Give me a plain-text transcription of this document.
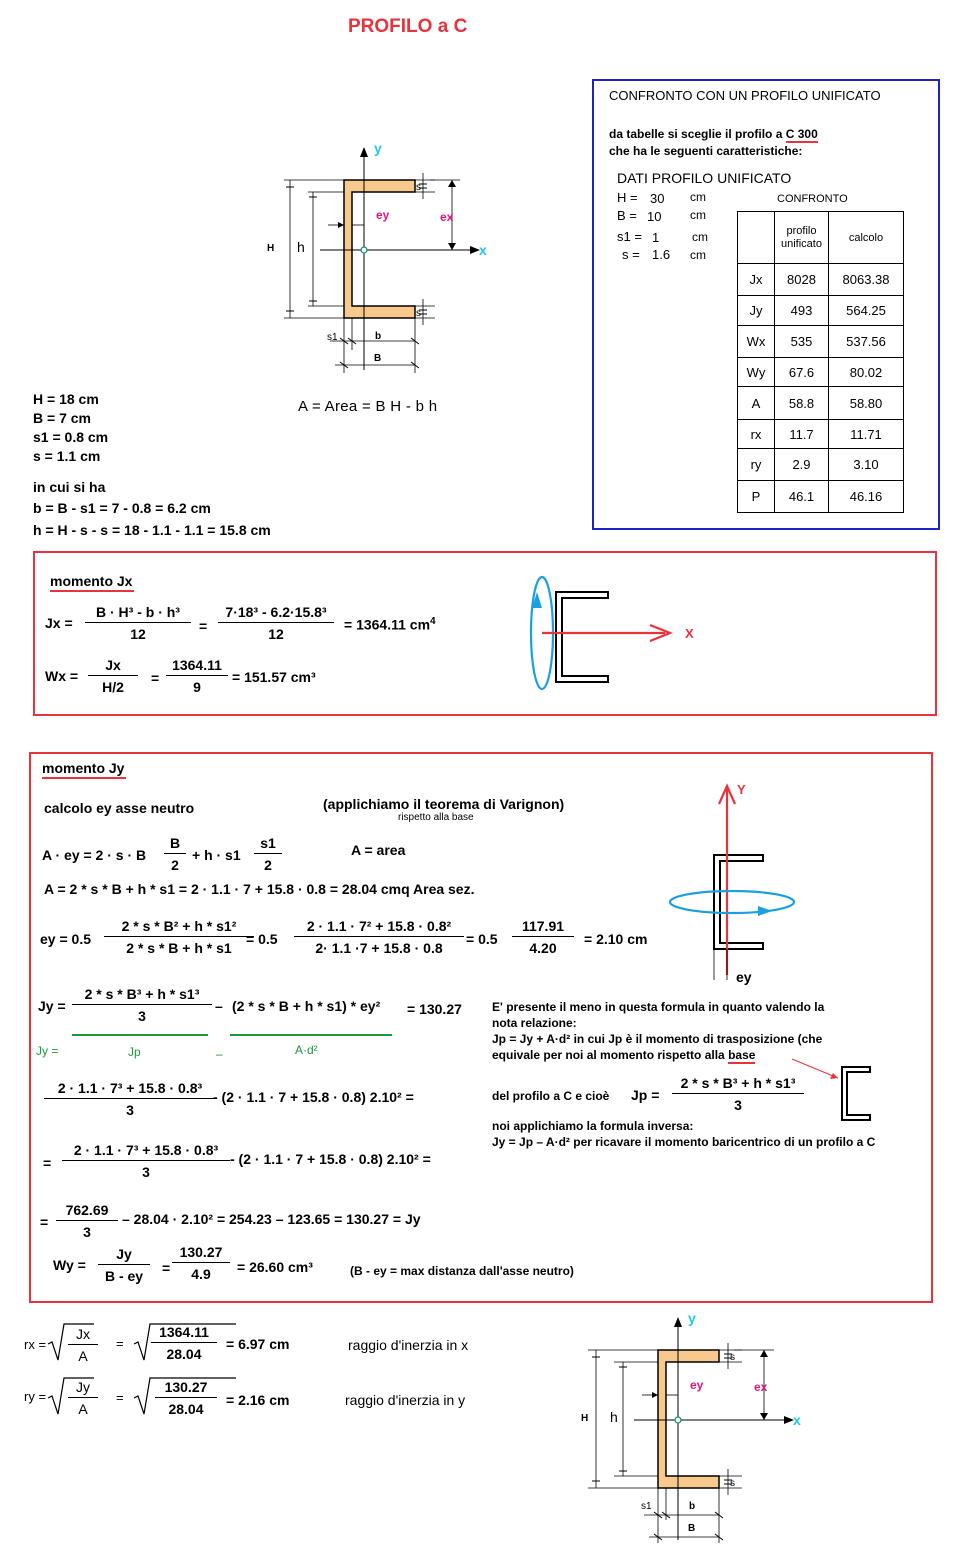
PROFILO a C
y
x
H h
s
s
ex
ey
s1	b
B
A = Area = B H - b h
H = 18 cm
B = 7 cm
s1 = 0.8 cm
s = 1.1 cm
in cui si ha
b = B - s1 = 7 - 0.8 = 6.2 cm
h = H - s - s = 18 - 1.1 - 1.1 = 15.8 cm
CONFRONTO CON UN PROFILO UNIFICATO
da tabelle si sceglie il profilo a C 300
che ha le seguenti caratteristiche:
DATI PROFILO UNIFICATO
H = 30 cm
B = 10 cm
s1 = 1	cm
s = 1.6 cm
CONFRONTO
	profilo unificato	calcolo
Jx	8028	8063.38
Jy	493	564.25
Wx	535	537.56
Wy	67.6	80.02
A	58.8	58.80
rx	11.7	11.71
ry	2.9	3.10
P	46.1	46.16
momento Jx
$Jx = \frac{\text{B · H³ - b · h³}}{12} = \frac{\text{7·18³ - 6.2·15.8³}}{12} = 1364.11$ $cm^4$
$Wx = \frac{Jx}{H/2} = \frac{1364.11}{9} = 151.57$ cm³
X
momento Jy
calcolo ey asse neutro	(applichiamo il teorema di Varignon)
rispetto alla base
A · ey = 2 · s · B $\frac{B}{2} + h \cdot s1 \frac{s1}{2}$	A = area
A = 2 * s * B + h * s1 = 2 · 1.1 · 7 + 15.8 · 0.8 = 28.04 cmq Area sez.
ey = $0.5 \frac{\text{2 * s * B² + h * s1²}}{2 * s * B + h * s1}$
= $0.5 \frac{\text{2 · 1.1 · 7² + 15.8 · 0.8²}}{2\cdot 1.1 \cdot 7 + 15.8 \cdot 0.8} = 0.5 \frac{117.91}{4.20} = 2.10$ cm
Y
ey
$Jy = \frac{\text{2 * s * B³ + h * s1³}}{3} - (2 * s * B + h * s1) * ey^2 = 130.27$
Jy =	Jp	–	A·d²
E' presente il meno in questa formula in quanto valendo la
nota relazione:
Jp = Jy + A·d² in cui Jp è il momento di trasposizione (che
equivale per noi al momento rispetto alla base
del profilo a C e cioè $Jp = \frac{\text{2 * s * B³ + h * s1³}}{3}$
noi applichiamo la formula inversa:
Jy = Jp – A·d² per ricavare il momento baricentrico di un profilo a C
$\frac{\text{2 · 1.1 · 7³ + 15.8 · 0.8³}}{3}$
- (2 · 1.1 · 7 + 15.8 · 0.8) 2.10² =
= $\frac{\text{2 · 1.1 · 7³ + 15.8 · 0.8³}}{3} - (2 \cdot 1.1 \cdot 7 + 15.8 \cdot 0.8) 2.10^2$ =
= $\frac{762.69}{3} - 28.04 \cdot 2.10^2 = 254.23 - 123.65 = 130.27 = Jy$
$Wy = \frac{Jy}{B - ey} = \frac{130.27}{4.9} = 26.60$ cm³	(B - ey = max distanza dall'asse neutro)
rx = $\frac{Jx}{A} = \frac{1364.11}{28.04} = 6.97$ cm	raggio d'inerzia in x
ry = $\frac{Jy}{A} = \frac{130.27}{28.04} = 2.16$ cm	raggio d'inerzia in y
y
x
H h
s
s
ex
ey
s1	b
B
